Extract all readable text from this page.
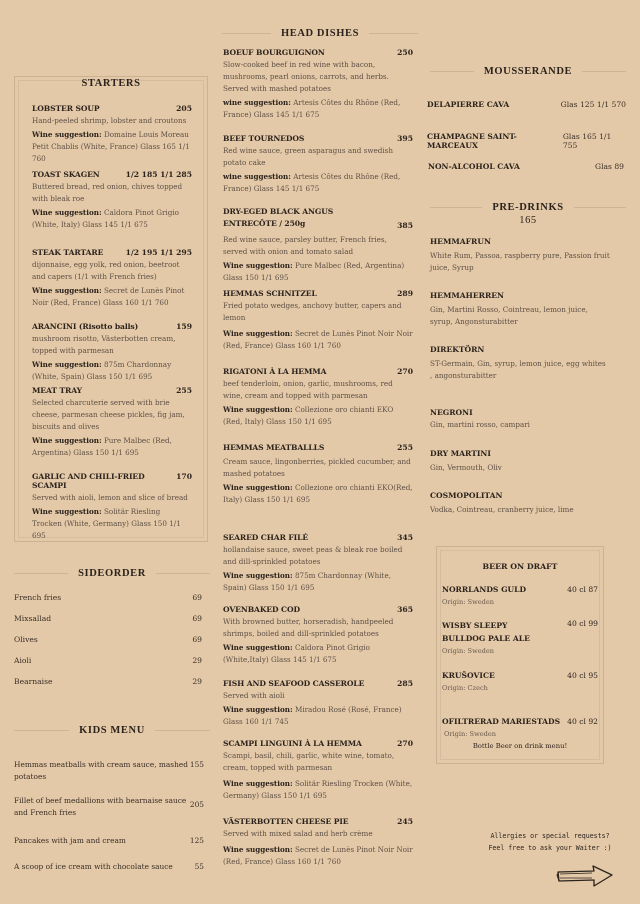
STARTERS
LOBSTER SOUP	205
Hand-peeled shrimp, lobster and croutons
Wine suggestion: Domaine Louis Moreau Petit Chablis (White, France) Glass 165 1/1 760
TOAST SKAGEN	1/2 185 1/1 285
Buttered bread, red onion, chives topped with bleak roe
Wine suggestion: Caldora Pinot Grigio (White, Italy) Glass 145 1/1 675
STEAK TARTARE	1/2 195 1/1 295
dijonnaise, egg yolk, red onion, beetroot and capers (1/1 with French fries)
Wine suggestion: Secret de Lunès Pinot Noir (Red, France) Glass 160 1/1 760
ARANCINI (Risotto balls)	159
mushroom risotto, Västerbotten cream, topped with parmesan
Wine suggestion: 875m Chardonnay (White, Spain) Glass 150 1/1 695
MEAT TRAY	255
Selected charcuterie served with brie cheese, parmesan cheese pickles, fig jam, biscuits and olives
Wine suggestion: Pure Malbec (Red, Argentina) Glass 150 1/1 695
GARLIC AND CHILI-FRIED SCAMPI
170
Served with aioli, lemon and slice of bread
Wine suggestion: Solitär Riesling Trocken (White, Germany) Glass 150 1/1 695
SIDEORDER
French fries	69
Mixsallad	69
Olives	69
Aioli	29
Bearnaise	29
KIDS MENU
Hemmas meatballs with cream sauce, mashed potatoes
155
Fillet of beef medallions with bearnaise sauce and French fries
205
Pancakes with jam and cream	125
A scoop of ice cream with chocolate sauce	55
HEAD DISHES
BOEUF BOURGUIGNON	250
Slow-cooked beef in red wine with bacon, mushrooms, pearl onions, carrots, and herbs. Served with mashed potatoes
wine suggestion: Artesis Côtes du Rhône (Red, France) Glass 145 1/1 675
BEEF TOURNEDOS	395
Red wine sauce, green asparagus and swedish potato cake
wine suggestion: Artesis Côtes du Rhône (Red, France) Glass 145 1/1 675
DRY-EGED BLACK ANGUS ENTRECÔTE / 250g	385
Red wine sauce, parsley butter, French fries, served with onion and tomato salad
Wine suggestion: Pure Malbec (Red, Argentina) Glass 150 1/1 695
HEMMAS SCHNITZEL	289
Fried potato wedges, anchovy butter, capers and lemon
Wine suggestion: Secret de Lunès Pinot Noir Noir (Red, France) Glass 160 1/1 760
RIGATONI À LA HEMMA	270
beef tenderloin, onion, garlic, mushrooms, red wine, cream and topped with parmesan
Wine suggestion: Collezione oro chianti EKO (Red, Italy) Glass 150 1/1 695
HEMMAS MEATBALLLS	255
Cream sauce, lingonberries, pickled cucumber, and mashed potatoes
Wine suggestion: Collezione oro chianti EKO(Red, Italy) Glass 150 1/1 695
SEARED CHAR FILÉ	345
hollandaise sauce, sweet peas & bleak roe boiled and dill-sprinkled potatoes
Wine suggestion: 875m Chardonnay (White, Spain) Glass 150 1/1 695
OVENBAKED COD	365
With browned butter, horseradish, handpeeled shrimps, boiled and dill-sprinkled potatoes
Wine suggestion: Caldora Pinot Grigio (White,Italy) Glass 145 1/1 675
FISH AND SEAFOOD CASSEROLE	285
Served with aioli
Wine suggestion: Miradou Rosé (Rosé, France) Glass 160 1/1 745
SCAMPI LINGUINI À LA HEMMA	270
Scampi, basil, chili, garlic, white wine, tomato, cream, topped with parmesan
Wine suggestion: Solitär Riesling Trocken (White, Germany) Glass 150 1/1 695
VÄSTERBOTTEN CHEESE PIE	245
Served with mixed salad and herb crème
Wine suggestion: Secret de Lunès Pinot Noir Noir (Red, France) Glass 160 1/1 760
MOUSSERANDE
DELAPIERRE CAVA	Glas 125 1/1 570
CHAMPAGNE SAINT-MARCEAUX
Glas 165 1/1 755
NON-ALCOHOL CAVA	Glas 89
PRE-DRINKS
165
HEMMAFRUN
White Rum, Passoa, raspberry pure, Passion fruit juice, Syrup
HEMMAHERREN
Gin, Martini Rosso, Cointreau, lemon juice, syrup, Angonsturabitter
DIREKTÖRN
ST-Germain, Gin, syrup, lemon juice, egg whites , angonsturabitter
NEGRONI
Gin, martini rosso, campari
DRY MARTINI
Gin, Vermouth, Oliv
COSMOPOLITAN
Vodka, Cointreau, cranberry juice, lime
BEER ON DRAFT
NORRLANDS GULD	40 cl 87
Origin: Sweden
WISBY SLEEPY BULLDOG PALE ALE
40 cl 99
Origin: Sweden
KRUŠOVICE	40 cl 95
Origin: Czech
OFILTRERAD MARIESTADS 40 cl 92
Origin: Sweden
Bottle Beer on drink menu!
Allergies or special requests?
Feel free to ask your Waiter :)
